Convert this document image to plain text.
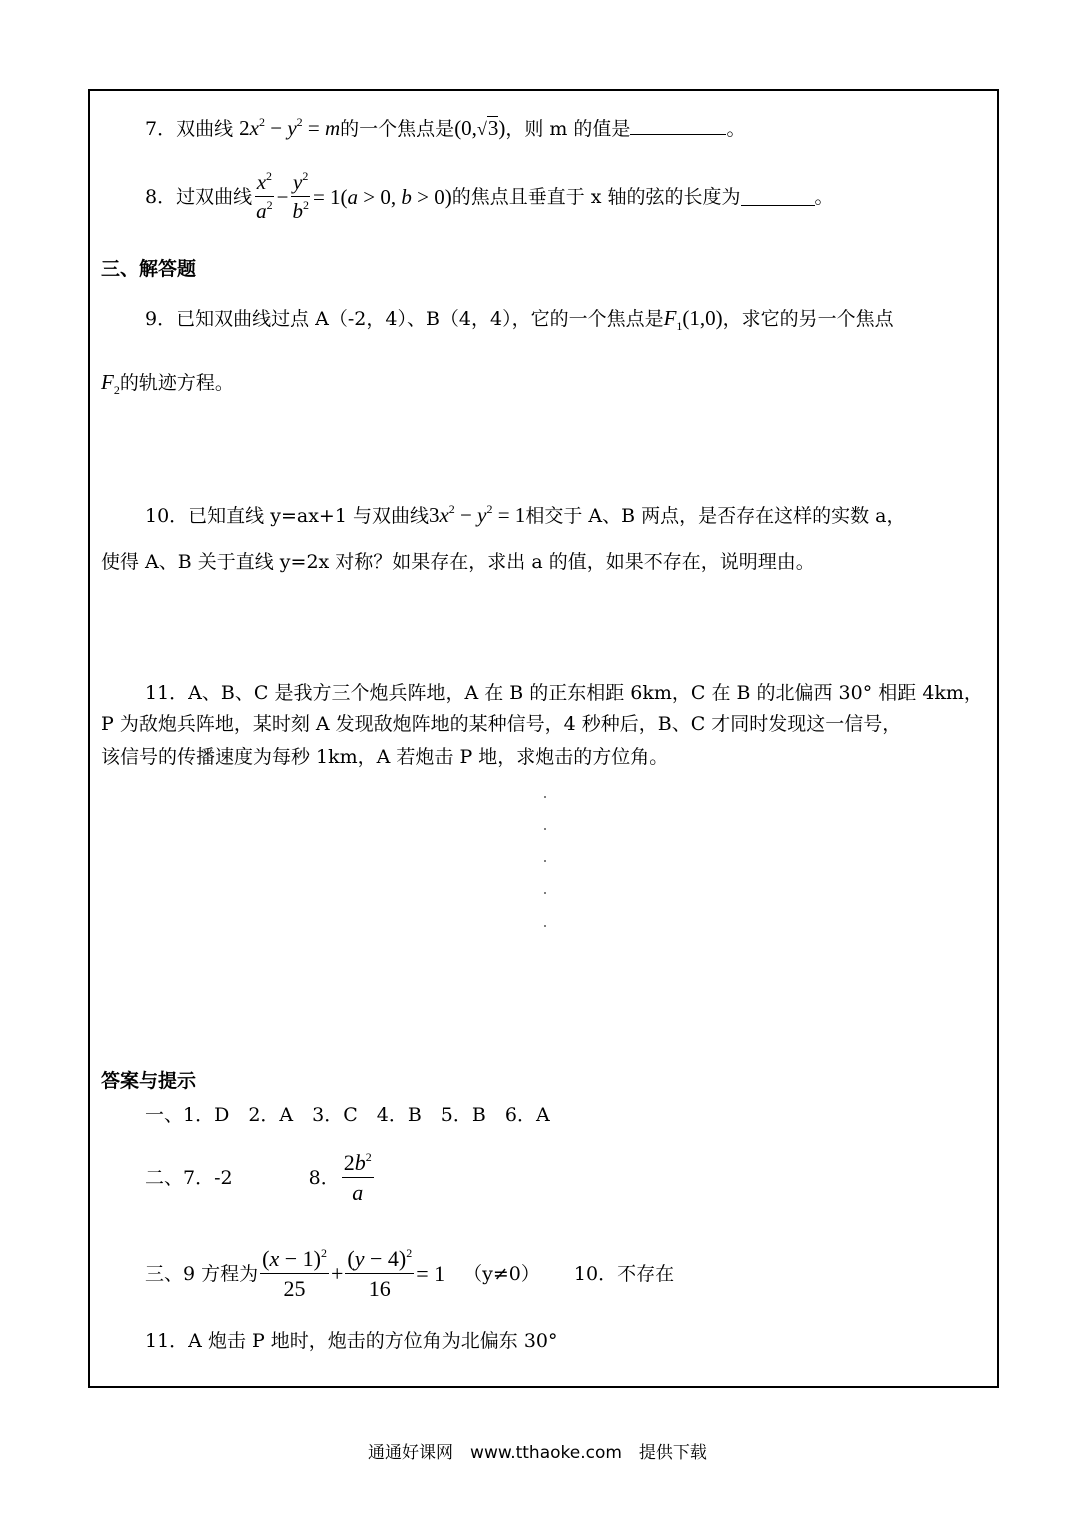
7．双曲线 $2x^2 - y^2 = m$的一个焦点是(0,√3)，则 m 的值是	。
8． 过双曲线 $\frac{x^2}{a^2} - \frac{y^2}{b^2} = 1(a > 0$, b > 0) 的焦点且垂直于 x 轴的弦的长度为	。
三、解答题
9．已知双曲线过点 A（-2，4）、B（4，4），它的一个焦点是$F_1(1,0)$，求它的另一个焦点
$F_2$的轨迹方程。
10．已知直线 y=ax+1 与双曲线$3x^2 - y^2 = 1$相交于 A、B 两点，是否存在这样的实数 a，
使得 A、B 关于直线 y=2x 对称？如果存在，求出 a 的值，如果不存在，说明理由。
11．A、B、C 是我方三个炮兵阵地，A 在 B 的正东相距 6km，C 在 B 的北偏西 30° 相距 4km，
P 为敌炮兵阵地，某时刻 A 发现敌炮阵地的某种信号，4 秒种后，B、C 才同时发现这一信号，
该信号的传播速度为每秒 1km，A 若炮击 P 地，求炮击的方位角。
答案与提示
一、1．D　2．A　3．C　4．B　5．B　6．A
二、7．-2	8． $\frac{2b^2}{a}$
三、9 方程为 $\frac{(x - 1)^2}{25} + \frac{(y - 4)^2}{16} = 1$ （y≠0） 10．不存在
11．A 炮击 P 地时，炮击的方位角为北偏东 30°
通通好课网　www.tthaoke.com　提供下载
